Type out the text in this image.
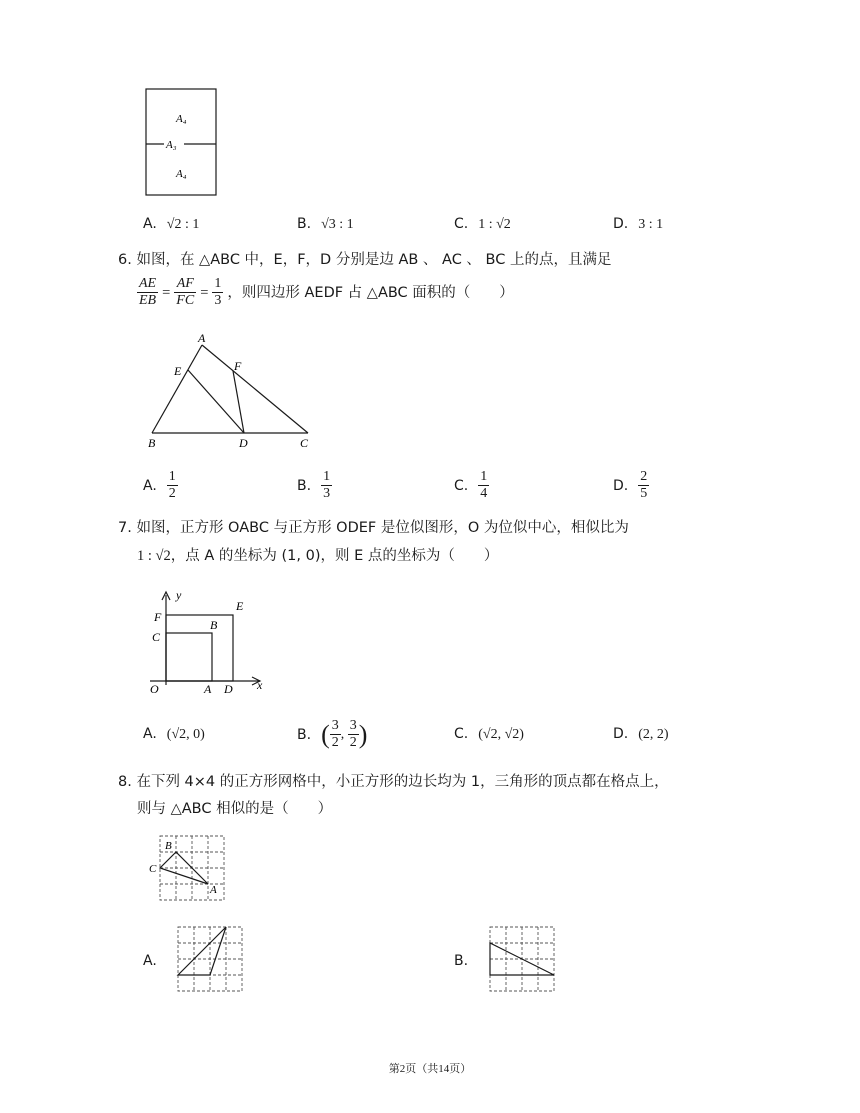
A₄
A₃
A₄
A. √2 : 1	B. √3 : 1	C. 1 : √2	D. 3 : 1
6. 如图，在 △ABC 中，E，F，D 分别是边 AB 、 AC 、 BC 上的点，且满足
$\frac{AE}{EB} = \frac{AF}{FC} = \frac{1}{3}$ ，则四边形 AEDF 占 △ABC 面积的（　　）
A
E	F
B	D	C
A. $\frac{1}{2}$	B. $\frac{1}{3}$	C. $\frac{1}{4}$	D. $\frac{2}{5}$
7. 如图，正方形 OABC 与正方形 ODEF 是位似图形，O 为位似中心，相似比为
1 : √2，点 A 的坐标为 (1, 0)，则 E 点的坐标为（　　）
y
x
O	A D
C
F
B
E
A. (√2, 0)	B. ( $\frac{3}{2}$ , $\frac{3}{2}$ )	C. (√2, √2)	D. (2, 2)
8. 在下列 4×4 的正方形网格中，小正方形的边长均为 1，三角形的顶点都在格点上，
则与 △ABC 相似的是（　　）
B
C
A
A.	B.
第2页（共14页）
